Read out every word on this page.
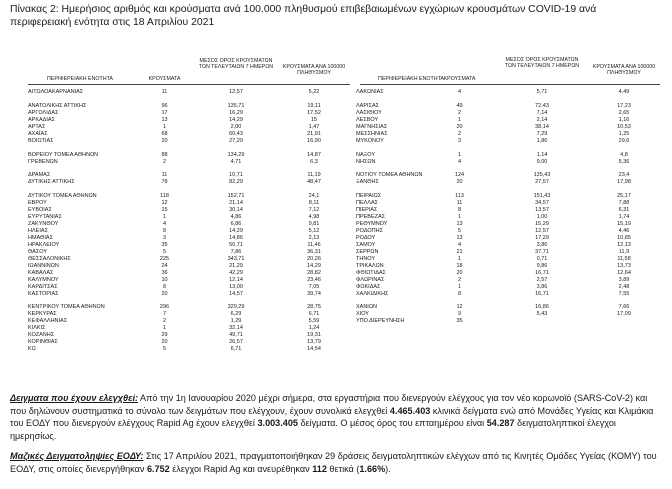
Πίνακας 2: Ημερήσιος αριθμός και κρούσματα ανά 100.000 πληθυσμού επιβεβαιωμένων εγχώριων κρουσμάτων COVID-19 ανά περιφερειακή ενότητα στις 18 Απριλίου 2021
ΜΕΣΟΣ ΟΡΟΣ ΚΡΟΥΣΜΑΤΩΝ ΤΩΝ ΤΕΛΕΥΤΑΙΩΝ 7 ΗΜΕΡΩΝ	ΚΡΟΥΣΜΑΤΑ ΑΝΑ 100000 ΠΛΗΘΥΣΜΟΥ
ΠΕΡΙΦΕΡΕΙΑΚΗ ΕΝΟΤΗΤΑ	ΚΡΟΥΣΜΑΤΑ
ΑΙΤΩΛΟΑΚΑΡΝΑΝΙΑΣ	11	12,57	5,22
ΑΝΑΤΟΛΙΚΗΣ ΑΤΤΙΚΗΣ	96	135,71	19,11
ΑΡΓΟΛΙΔΑΣ	17	16,29	17,52
ΑΡΚΑΔΙΑΣ	13	14,29	15
ΑΡΤΑΣ	1	2,00	1,47
ΑΧΑΪΑΣ	68	60,43	21,91
ΒΟΙΩΤΙΑΣ	20	27,29	16,90
ΒΟΡΕΙΟΥ ΤΟΜΕΑ ΑΘΗΝΩΝ	88	134,29	14,87
ΓΡΕΒΕΝΩΝ	2	4,71	6,3
ΔΡΑΜΑΣ	11	10,71	11,19
ΔΥΤΙΚΗΣ ΑΤΤΙΚΗΣ	78	82,29	48,47
ΔΥΤΙΚΟΥ ΤΟΜΕΑ ΑΘΗΝΩΝ	118	152,71	24,1
ΕΒΡΟΥ	12	21,14	8,11
ΕΥΒΟΙΑΣ	15	30,14	7,12
ΕΥΡΥΤΑΝΙΑΣ	1	4,86	4,98
ΖΑΚΥΝΘΟΥ	4	6,86	9,81
ΗΛΕΙΑΣ	8	14,29	5,12
ΗΜΑΘΙΑΣ	3	14,86	2,13
ΗΡΑΚΛΕΙΟΥ	35	50,71	11,46
ΘΑΣΟΥ	5	7,86	36,31
ΘΕΣΣΑΛΟΝΙΚΗΣ	225	343,71	20,26
ΙΩΑΝΝΙΝΩΝ	24	21,29	14,29
ΚΑΒΑΛΑΣ	36	42,29	28,82
ΚΑΛΥΜΝΟΥ	10	12,14	23,46
ΚΑΡΔΙΤΣΑΣ	8	13,00	7,05
ΚΑΣΤΟΡΙΑΣ	20	14,57	39,74
ΚΕΝΤΡΙΚΟΥ ΤΟΜΕΑ ΑΘΗΝΩΝ	296	329,29	28,75
ΚΕΡΚΥΡΑΣ	7	6,29	6,71
ΚΕΦΑΛΛΗΝΙΑΣ	2	1,29	5,59
ΚΙΛΚΙΣ	1	32,14	1,24
ΚΟΖΑΝΗΣ	29	49,71	19,31
ΚΟΡΙΝΘΙΑΣ	20	26,57	13,79
ΚΩ	5	6,71	14,54
ΜΕΣΟΣ ΟΡΟΣ ΚΡΟΥΣΜΑΤΩΝ ΤΩΝ ΤΕΛΕΥΤΑΙΩΝ 7 ΗΜΕΡΩΝ	ΚΡΟΥΣΜΑΤΑ ΑΝΑ 100000 ΠΛΗΘΥΣΜΟΥ
ΠΕΡΙΦΕΡΕΙΑΚΗ ΕΝΟΤΗΤΑ ΚΡΟΥΣΜΑΤΑ
ΛΑΚΩΝΙΑΣ	4	5,71	4,49
ΛΑΡΙΣΑΣ	49	72,43	17,23
ΛΑΣΙΘΙΟΥ	2	7,14	2,65
ΛΕΣΒΟΥ	1	2,14	1,16
ΜΑΓΝΗΣΙΑΣ	20	38,14	10,53
ΜΕΣΣΗΝΙΑΣ	2	7,29	1,25
ΜΥΚΟΝΟΥ	3	1,86	29,6
ΝΑΞΟΥ	1	1,14	4,8
ΝΗΣΩΝ	4	9,00	5,36
ΝΟΤΙΟΥ ΤΟΜΕΑ ΑΘΗΝΩΝ	124	135,43	23,4
ΞΑΝΘΗΣ	20	27,57	17,98
ΠΕΙΡΑΙΩΣ	113	151,43	25,17
ΠΕΛΛΑΣ	11	34,57	7,88
ΠΙΕΡΙΑΣ	8	13,57	6,31
ΠΡΕΒΕΖΑΣ	1	1,00	1,74
ΡΕΘΥΜΝΟΥ	13	15,29	15,19
ΡΟΔΟΠΗΣ	5	12,57	4,46
ΡΟΔΟΥ	13	17,29	10,85
ΣΑΜΟΥ	4	3,86	12,13
ΣΕΡΡΩΝ	21	37,71	11,9
ΤΗΝΟΥ	1	0,71	11,58
ΤΡΙΚΑΛΩΝ	18	9,86	13,73
ΦΘΙΩΤΙΔΑΣ	20	16,71	12,64
ΦΛΩΡΙΝΑΣ	2	2,57	3,89
ΦΩΚΙΔΑΣ	1	3,86	2,48
ΧΑΛΚΙΔΙΚΗΣ	8	16,71	7,55
ΧΑΝΙΩΝ	12	16,86	7,66
ΧΙΟΥ	9	5,43	17,09
ΥΠΟ ΔΙΕΡΕΥΝΗΣΗ	35
Δειγματα που έχουν ελεγχθεί: Από την 1η Ιανουαρίου 2020 μέχρι σήμερα, στα εργαστήρια που διενεργούν ελέγχους για τον νέο κορωνοϊό (SARS-CoV-2) και που δηλώνουν συστηματικά το σύνολο των δειγμάτων που ελέγχουν, έχουν συνολικά ελεγχθεί 4.465.403 κλινικά δείγματα ενώ από Μονάδες Υγείας και Κλιμάκια του ΕΟΔΥ που διενεργούν ελέγχους Rapid Ag έχουν ελεγχθεί 3.003.405 δείγματα. Ο μέσος όρος του επταημέρου είναι 54.287 δειγματοληπτικοί έλεγχοι ημερησίως.
Μαζικές Δειγματοληψίες ΕΟΔΥ: Στις 17 Απριλίου 2021, πραγματοποιήθηκαν 29 δράσεις δειγματοληπτικών ελέγχων από τις Κινητές Ομάδες Υγείας (ΚΟΜΥ) του ΕΟΔΥ, στις οποίες διενεργήθηκαν 6.752 έλεγχοι Rapid Ag και ανευρέθηκαν 112 θετικά (1.66%).
